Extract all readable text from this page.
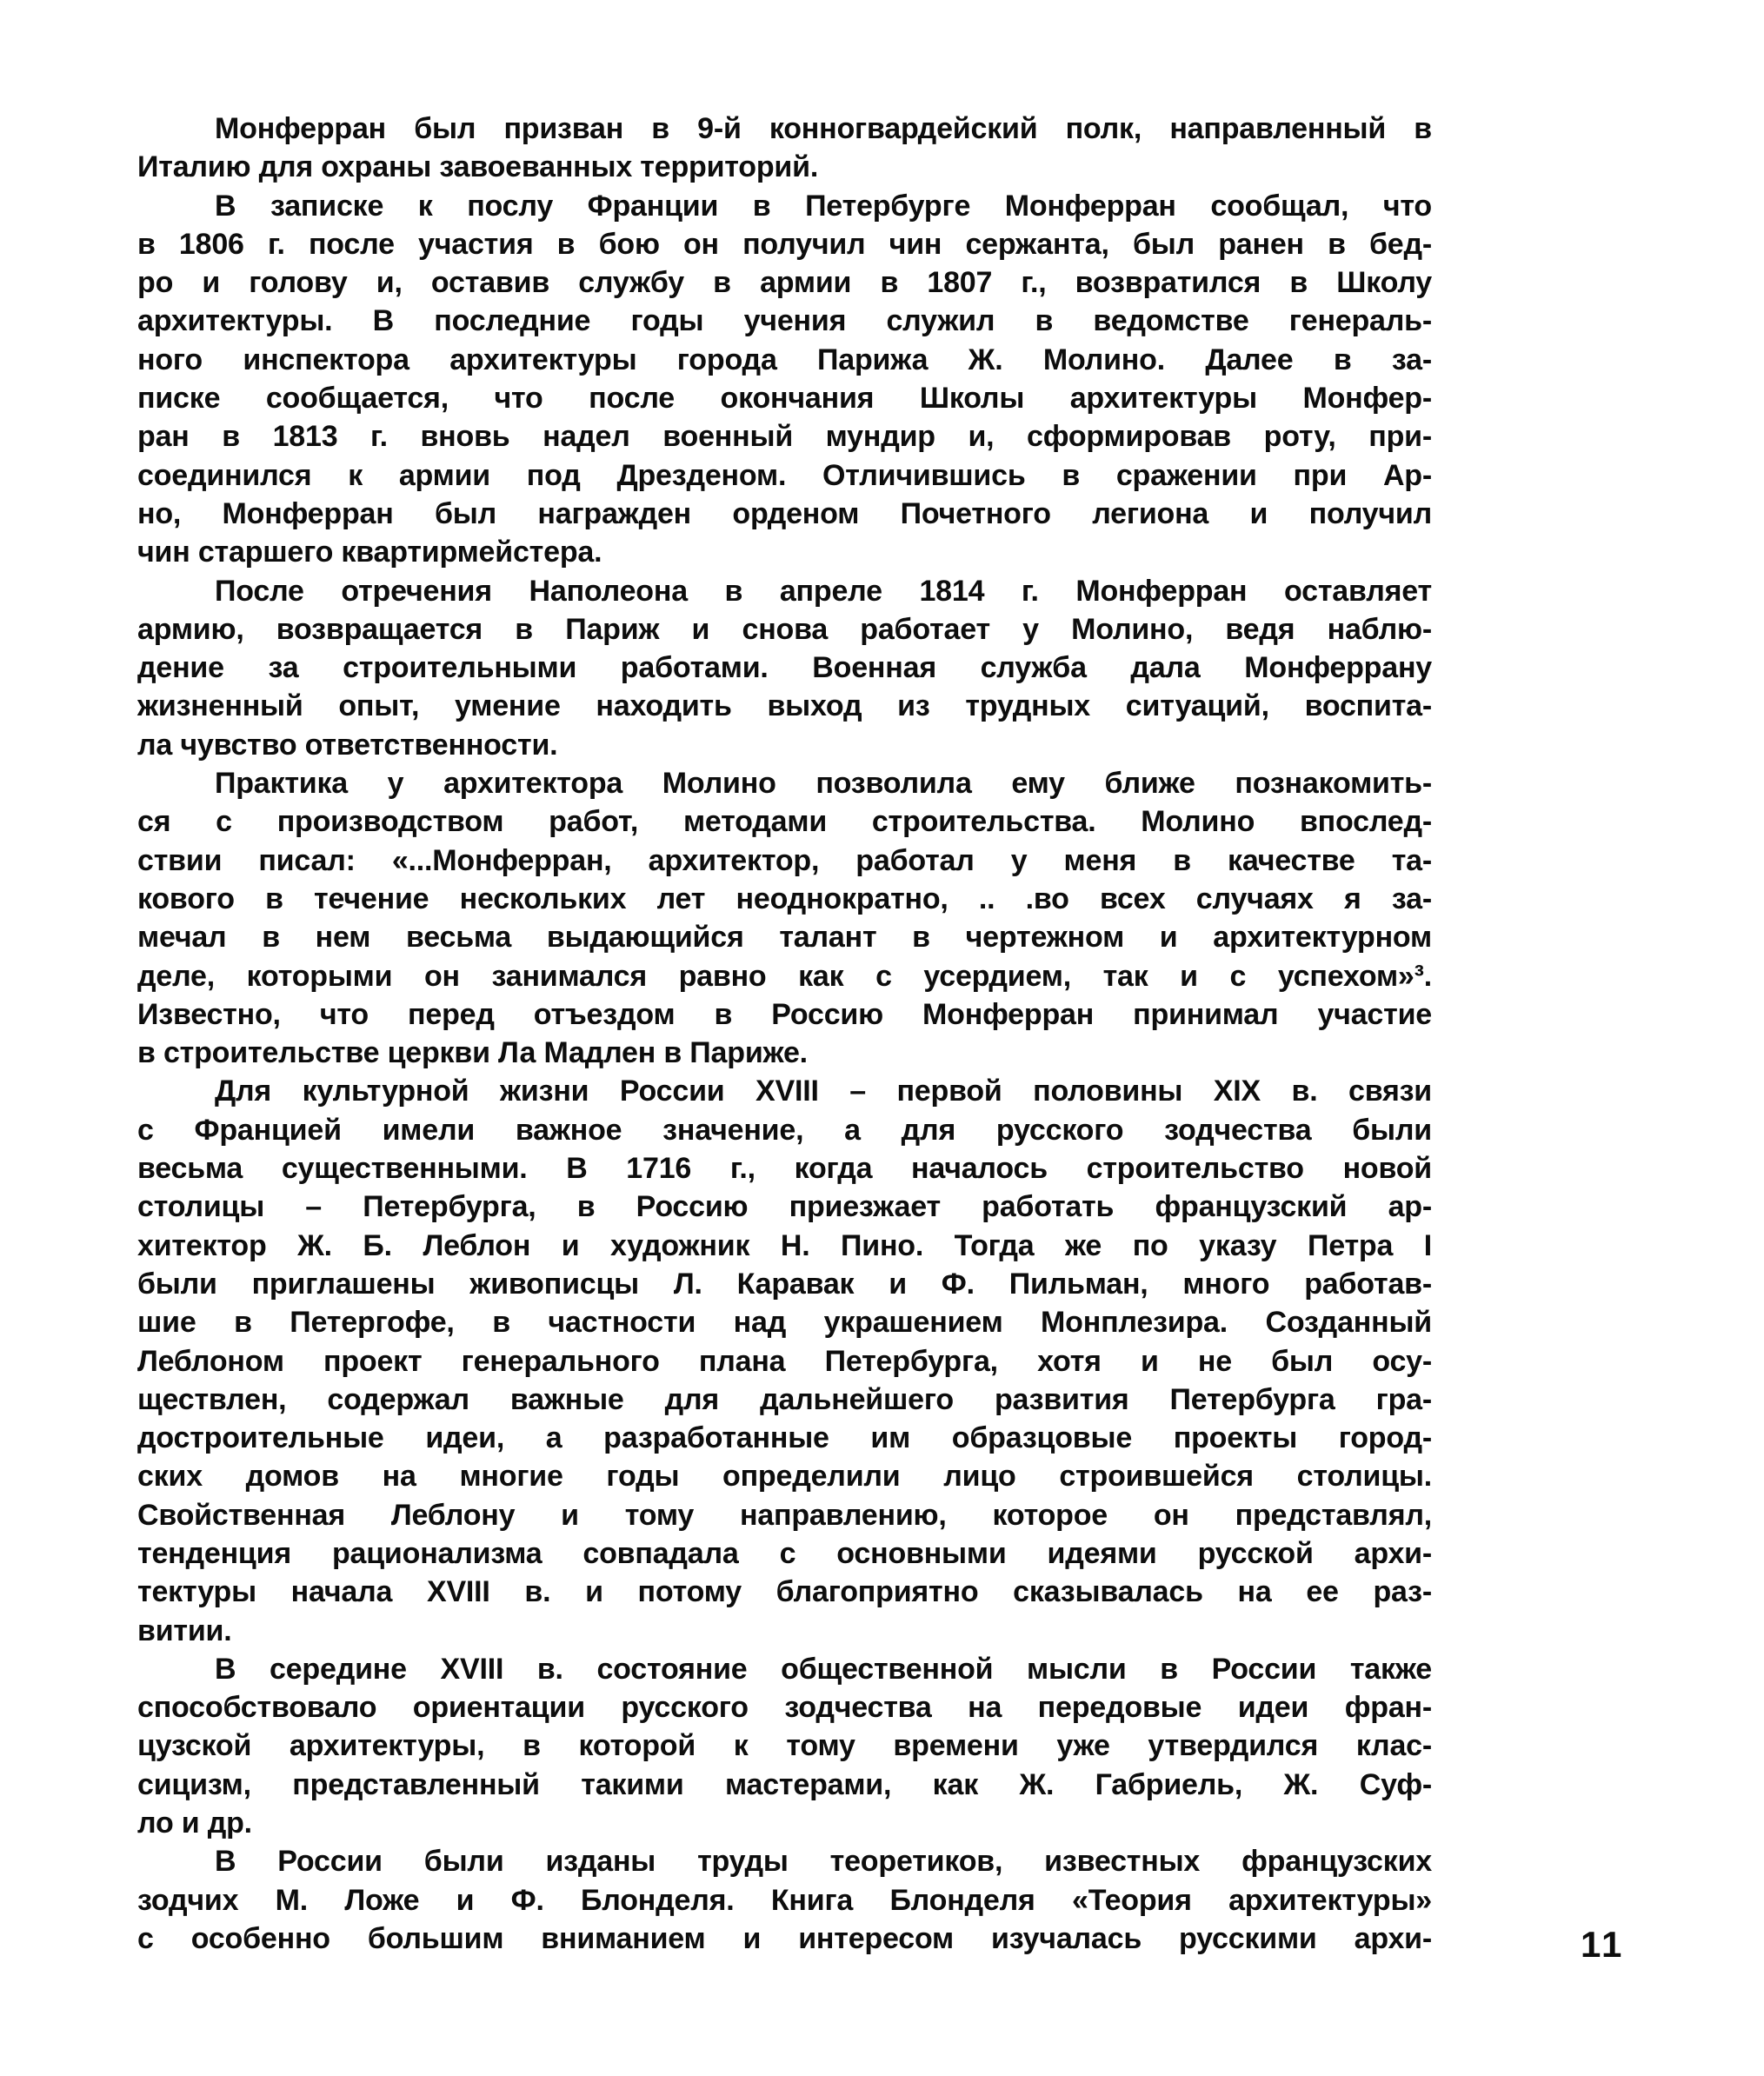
Монферран был призван в 9-й конногвардейский полк, направленный в
Италию для охраны завоеванных территорий.
В записке к послу Франции в Петербурге Монферран сообщал, что
в 1806 г. после участия в бою он получил чин сержанта, был ранен в бед-
ро и голову и, оставив службу в армии в 1807 г., возвратился в Школу
архитектуры. В последние годы учения служил в ведомстве генераль-
ного инспектора архитектуры города Парижа Ж. Молино. Далее в за-
писке сообщается, что после окончания Школы архитектуры Монфер-
ран в 1813 г. вновь надел военный мундир и, сформировав роту, при-
соединился к армии под Дрезденом. Отличившись в сражении при Ар-
но, Монферран был награжден орденом Почетного легиона и получил
чин старшего квартирмейстера.
После отречения Наполеона в апреле 1814 г. Монферран оставляет
армию, возвращается в Париж и снова работает у Молино, ведя наблю-
дение за строительными работами. Военная служба дала Монферрану
жизненный опыт, умение находить выход из трудных ситуаций, воспита-
ла чувство ответственности.
Практика у архитектора Молино позволила ему ближе познакомить-
ся с производством работ, методами строительства. Молино впослед-
ствии писал: «...Монферран, архитектор, работал у меня в качестве та-
кового в течение нескольких лет неоднократно, .. .во всех случаях я за-
мечал в нем весьма выдающийся талант в чертежном и архитектурном
деле, которыми он занимался равно как с усердием, так и с успехом»³.
Известно, что перед отъездом в Россию Монферран принимал участие
в строительстве церкви Ла Мадлен в Париже.
Для культурной жизни России XVIII – первой половины XIX в. связи
с Францией имели важное значение, а для русского зодчества были
весьма существенными. В 1716 г., когда началось строительство новой
столицы – Петербурга, в Россию приезжает работать французский ар-
хитектор Ж. Б. Леблон и художник Н. Пино. Тогда же по указу Петра I
были приглашены живописцы Л. Каравак и Ф. Пильман, много работав-
шие в Петергофе, в частности над украшением Монплезира. Созданный
Леблоном проект генерального плана Петербурга, хотя и не был осу-
ществлен, содержал важные для дальнейшего развития Петербурга гра-
достроительные идеи, а разработанные им образцовые проекты город-
ских домов на многие годы определили лицо строившейся столицы.
Свойственная Леблону и тому направлению, которое он представлял,
тенденция рационализма совпадала с основными идеями русской архи-
тектуры начала XVIII в. и потому благоприятно сказывалась на ее раз-
витии.
В середине XVIII в. состояние общественной мысли в России также
способствовало ориентации русского зодчества на передовые идеи фран-
цузской архитектуры, в которой к тому времени уже утвердился клас-
сицизм, представленный такими мастерами, как Ж. Габриель, Ж. Суф-
ло и др.
В России были изданы труды теоретиков, известных французских
зодчих М. Ложе и Ф. Блонделя. Книга Блонделя «Теория архитектуры»
с особенно большим вниманием и интересом изучалась русскими архи-	11
